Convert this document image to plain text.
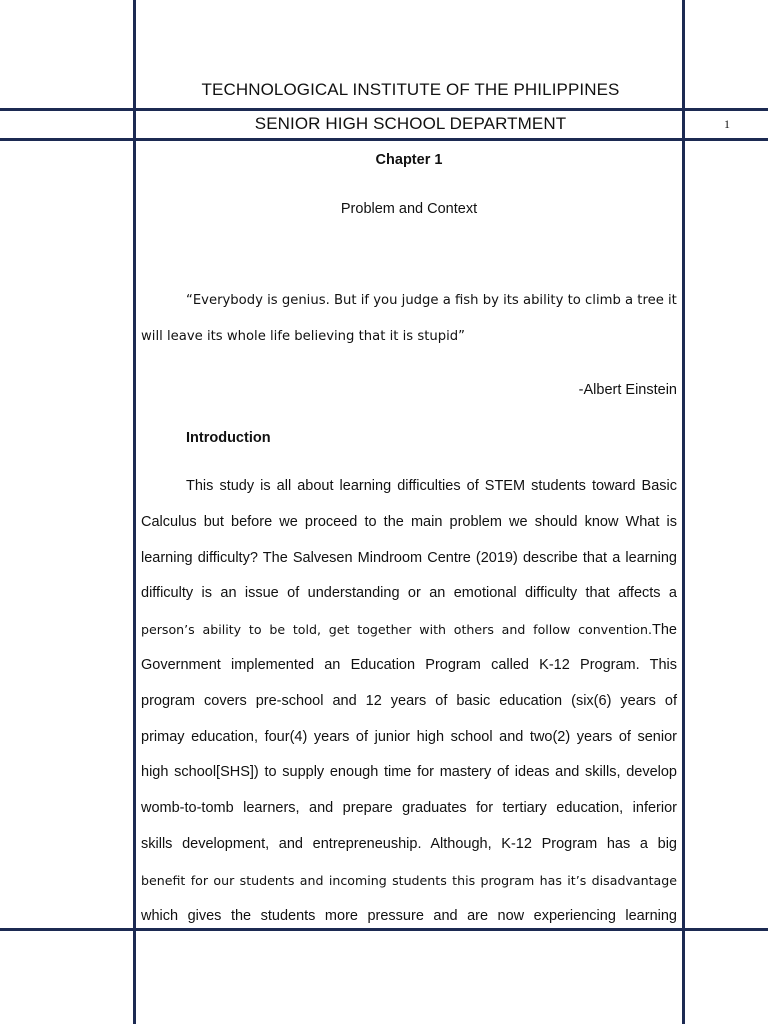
TECHNOLOGICAL INSTITUTE OF THE PHILIPPINES
SENIOR HIGH SCHOOL DEPARTMENT	1
Chapter 1
Problem and Context
“Everybody is genius. But if you judge a fish by its ability to climb a tree it will leave its whole life believing that it is stupid”
-Albert Einstein
Introduction
This study is all about learning difficulties of STEM students toward Basic
Calculus but before we proceed to the main problem we should know What is
learning difficulty? The Salvesen Mindroom Centre (2019) describe that a learning
difficulty is an issue of understanding or an emotional difficulty that affects a
person’s ability to be told, get together with others and follow convention.The
Government implemented an Education Program called K-12 Program. This
program covers pre-school and 12 years of basic education (six(6) years of
primay education, four(4) years of junior high school and two(2) years of senior
high school[SHS]) to supply enough time for mastery of ideas and skills, develop
womb-to-tomb learners, and prepare graduates for tertiary education, inferior
skills development, and entrepreneuship. Although, K-12 Program has a big
benefit for our students and incoming students this program has it’s disadvantage
which gives the students more pressure and are now experiencing learning
